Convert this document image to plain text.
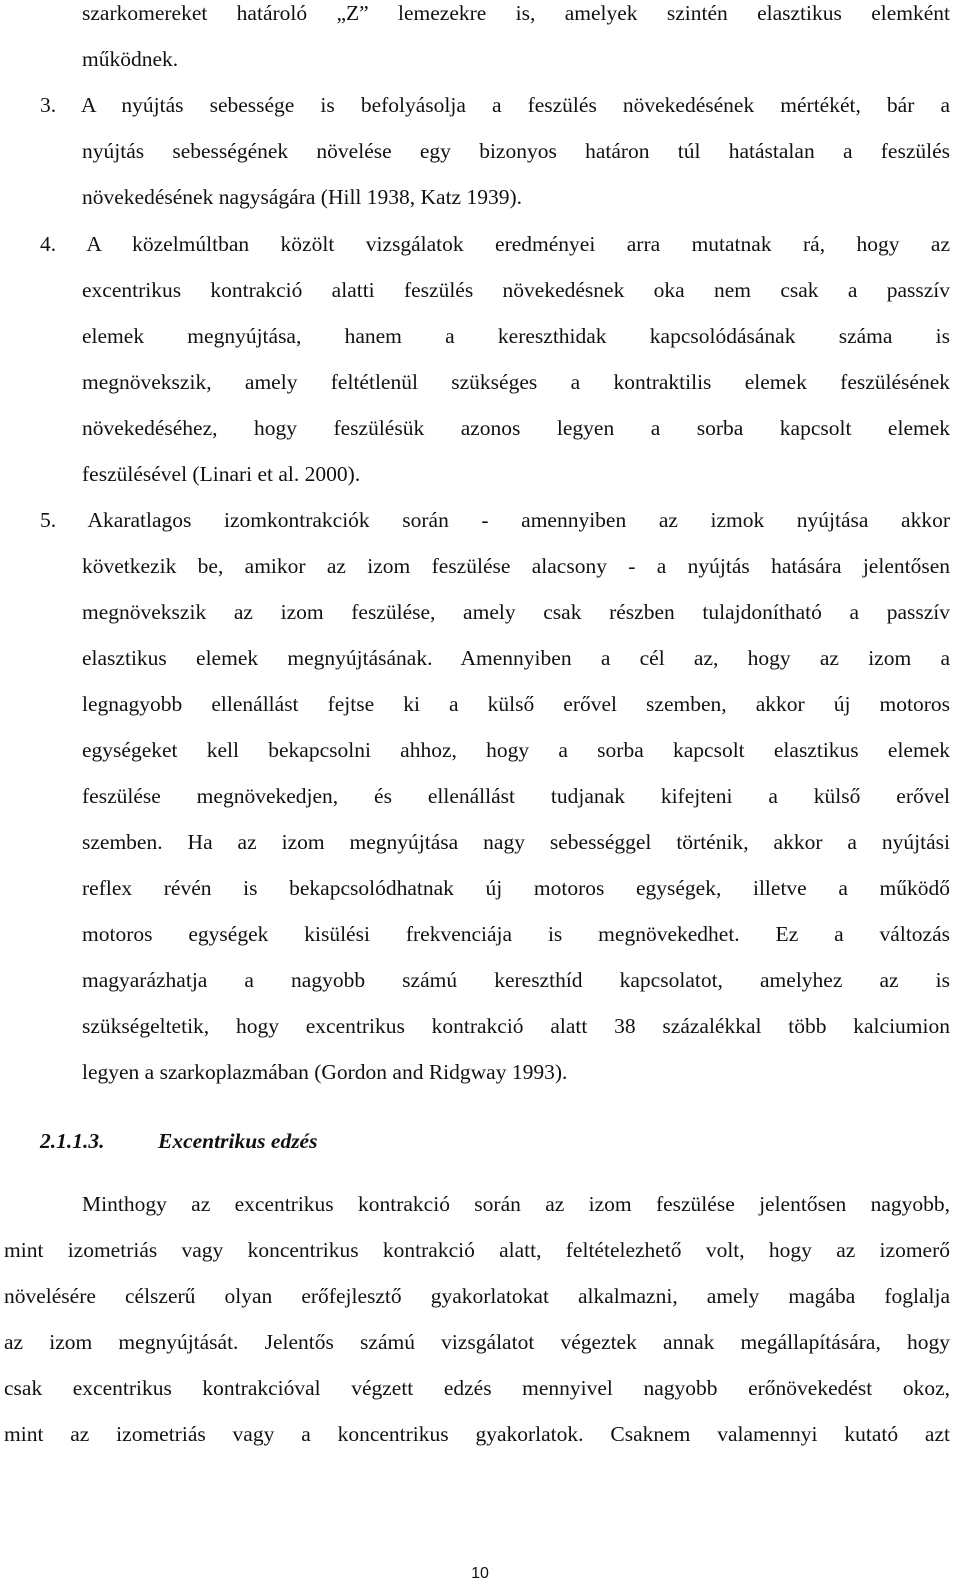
szarkomereket határoló „Z” lemezekre is, amelyek szintén elasztikus elemként

működnek.

3. A nyújtás sebessége is befolyásolja a feszülés növekedésének mértékét, bár a

nyújtás sebességének növelése egy bizonyos határon túl hatástalan a feszülés

növekedésének nagyságára (Hill 1938, Katz 1939).

4. A közelmúltban közölt vizsgálatok eredményei arra mutatnak rá, hogy az

excentrikus kontrakció alatti feszülés növekedésnek oka nem csak a passzív

elemek megnyújtása, hanem a kereszthidak kapcsolódásának száma is

megnövekszik, amely feltétlenül szükséges a kontraktilis elemek feszülésének

növekedéséhez, hogy feszülésük azonos legyen a sorba kapcsolt elemek

feszülésével (Linari et al. 2000).

5. Akaratlagos izomkontrakciók során - amennyiben az izmok nyújtása akkor

következik be, amikor az izom feszülése alacsony - a nyújtás hatására jelentősen

megnövekszik az izom feszülése, amely csak részben tulajdonítható a passzív

elasztikus elemek megnyújtásának. Amennyiben a cél az, hogy az izom a

legnagyobb ellenállást fejtse ki a külső erővel szemben, akkor új motoros

egységeket kell bekapcsolni ahhoz, hogy a sorba kapcsolt elasztikus elemek

feszülése megnövekedjen, és ellenállást tudjanak kifejteni a külső erővel

szemben. Ha az izom megnyújtása nagy sebességgel történik, akkor a nyújtási

reflex révén is bekapcsolódhatnak új motoros egységek, illetve a működő

motoros egységek kisülési frekvenciája is megnövekedhet. Ez a változás

magyarázhatja a nagyobb számú kereszthíd kapcsolatot, amelyhez az is

szükségeltetik, hogy excentrikus kontrakció alatt 38 százalékkal több kalciumion

legyen a szarkoplazmában (Gordon and Ridgway 1993).

2.1.1.3. Excentrikus edzés

Minthogy az excentrikus kontrakció során az izom feszülése jelentősen nagyobb,

mint izometriás vagy koncentrikus kontrakció alatt, feltételezhető volt, hogy az izomerő

növelésére célszerű olyan erőfejlesztő gyakorlatokat alkalmazni, amely magába foglalja

az izom megnyújtását. Jelentős számú vizsgálatot végeztek annak megállapítására, hogy

csak excentrikus kontrakcióval végzett edzés mennyivel nagyobb erőnövekedést okoz,

mint az izometriás vagy a koncentrikus gyakorlatok. Csaknem valamennyi kutató azt

10
